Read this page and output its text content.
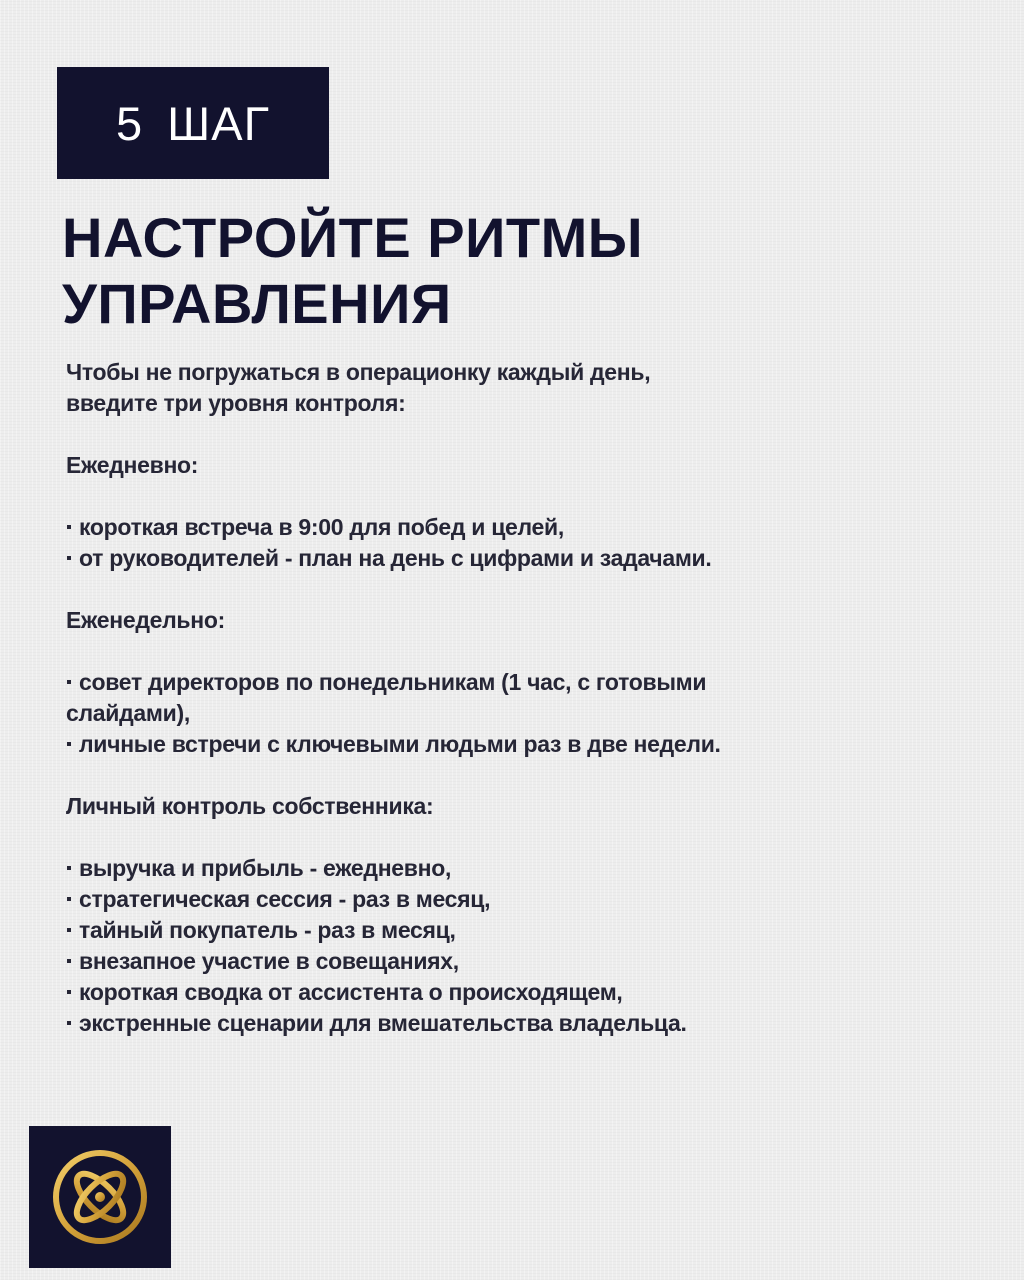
5 ШАГ
НАСТРОЙТЕ РИТМЫ
УПРАВЛЕНИЯ
Чтобы не погружаться в операционку каждый день,
введите три уровня контроля:
Ежедневно:
короткая встреча в 9:00 для побед и целей,
от руководителей - план на день с цифрами и задачами.
Еженедельно:
совет директоров по понедельникам (1 час, с готовыми
слайдами),
личные встречи с ключевыми людьми раз в две недели.
Личный контроль собственника:
выручка и прибыль - ежедневно,
стратегическая сессия - раз в месяц,
тайный покупатель - раз в месяц,
внезапное участие в совещаниях,
короткая сводка от ассистента о происходящем,
экстренные сценарии для вмешательства владельца.
